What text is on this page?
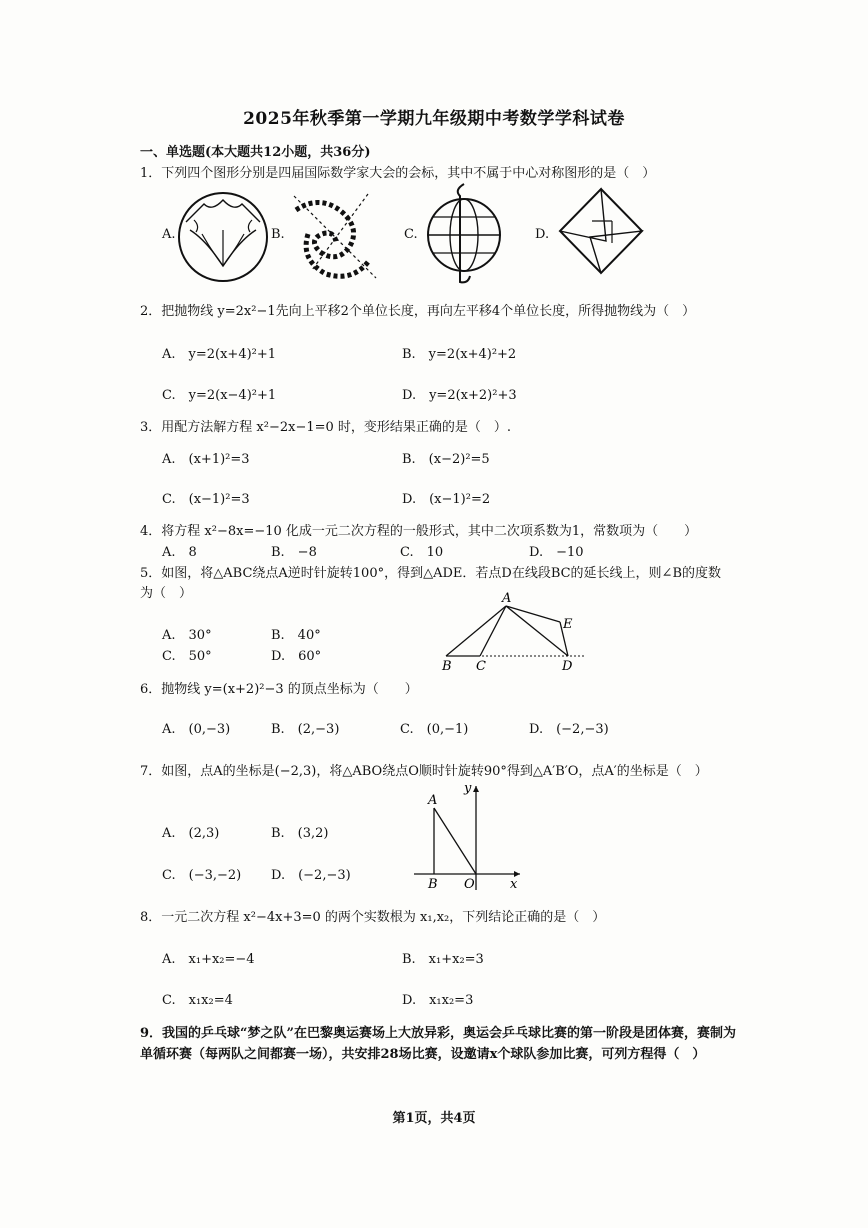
2025年秋季第一学期九年级期中考数学学科试卷
一、单选题(本大题共12小题，共36分)
1．下列四个图形分别是四届国际数学家大会的会标，其中不属于中心对称图形的是（　）
A.	B.	C.	D.
2．把抛物线 y=2x²−1先向上平移2个单位长度，再向左平移4个单位长度，所得抛物线为（　）
A.　y=2(x+4)²+1	B.　y=2(x+4)²+2
C.　y=2(x−4)²+1	D.　y=2(x+2)²+3
3．用配方法解方程 x²−2x−1=0 时，变形结果正确的是（　）.
A.　(x+1)²=3	B.　(x−2)²=5
C.　(x−1)²=3	D.　(x−1)²=2
4．将方程 x²−8x=−10 化成一元二次方程的一般形式，其中二次项系数为1，常数项为（　　）
A.　8	B.　−8	C.　10	D.　−10
5．如图，将△ABC绕点A逆时针旋转100°，得到△ADE．若点D在线段BC的延长线上，则∠B的度数
为（　）
A.　30°	B.　40°
C.　50°	D.　60°
A
B C	D
E
6．抛物线 y=(x+2)²−3 的顶点坐标为（　　）
A.　(0,−3)	B.　(2,−3)	C.　(0,−1)	D.　(−2,−3)
7．如图，点A的坐标是(−2,3)，将△ABO绕点O顺时针旋转90°得到△A′B′O，点A′的坐标是（　）
A.　(2,3)	B.　(3,2)
C.　(−3,−2) D.　(−2,−3)
A
B O	x
y
8．一元二次方程 x²−4x+3=0 的两个实数根为 x₁,x₂，下列结论正确的是（　）
A.　x₁+x₂=−4	B.　x₁+x₂=3
C.　x₁x₂=4	D.　x₁x₂=3
9．我国的乒乓球“梦之队”在巴黎奥运赛场上大放异彩，奥运会乒乓球比赛的第一阶段是团体赛，赛制为
单循环赛（每两队之间都赛一场），共安排28场比赛，设邀请x个球队参加比赛，可列方程得（　）
第1页，共4页
